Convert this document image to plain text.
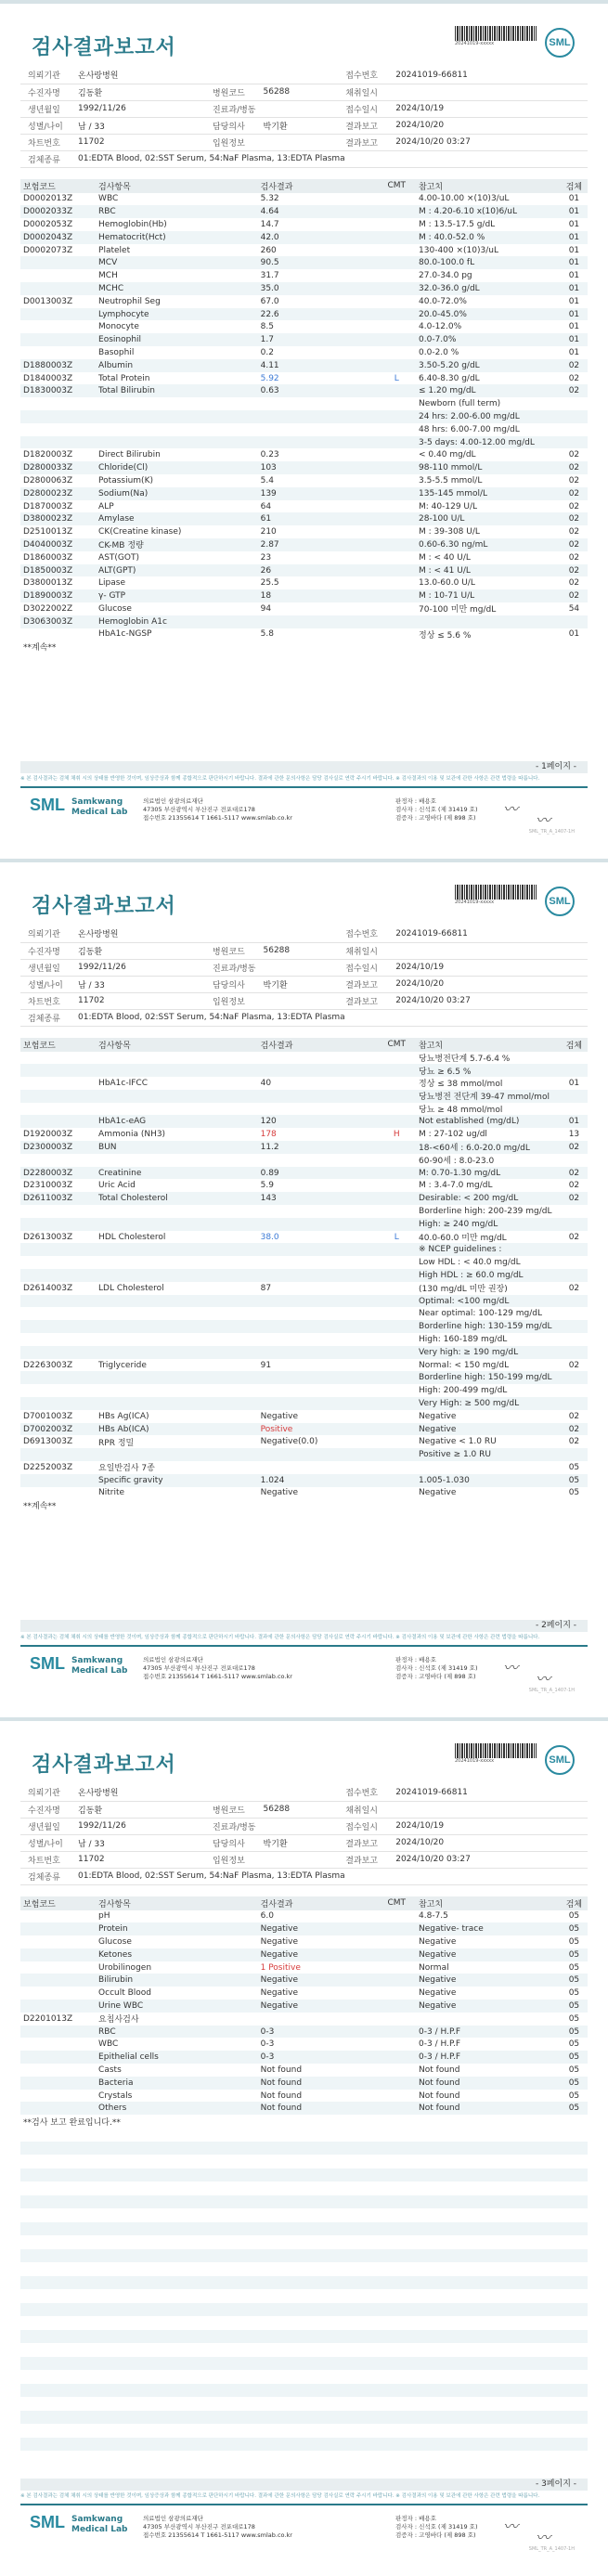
검사결과보고서	20241019-xxxxx	SML
의뢰기관	온사랑병원			접수번호	20241019-66811
수진자명	김동환	병원코드	56288	채취일시	
생년월일	1992/11/26	진료과/병동		접수일시	2024/10/19
성별/나이	남 / 33	담당의사	박기환	결과보고	2024/10/20
차트번호	11702	입원정보		결과보고	2024/10/20 03:27
검체종류	01:EDTA Blood, 02:SST Serum, 54:NaF Plasma, 13:EDTA Plasma				
보험코드	검사항목	검사결과	CMT	참고치	검체
D0002013Z	WBC	5.32		4.00-10.00 ×(10)3/uL	01
D0002033Z	RBC	4.64		M : 4.20-6.10 x(10)6/uL	01
D0002053Z	Hemoglobin(Hb)	14.7		M : 13.5-17.5 g/dL	01
D0002043Z	Hematocrit(Hct)	42.0		M : 40.0-52.0 %	01
D0002073Z	Platelet	260		130-400 ×(10)3/uL	01
	MCV	90.5		80.0-100.0 fL	01
	MCH	31.7		27.0-34.0 pg	01
	MCHC	35.0		32.0-36.0 g/dL	01
D0013003Z	Neutrophil Seg	67.0		40.0-72.0%	01
	Lymphocyte	22.6		20.0-45.0%	01
	Monocyte	8.5		4.0-12.0%	01
	Eosinophil	1.7		0.0-7.0%	01
	Basophil	0.2		0.0-2.0 %	01
D1880003Z	Albumin	4.11		3.50-5.20 g/dL	02
D1840003Z	Total Protein	5.92	L	6.40-8.30 g/dL	02
D1830003Z	Total Bilirubin	0.63		≤ 1.20 mg/dL	02
				Newborn (full term)	
				24 hrs: 2.00-6.00 mg/dL	
				48 hrs: 6.00-7.00 mg/dL	
				3-5 days: 4.00-12.00 mg/dL	
D1820003Z	Direct Bilirubin	0.23		< 0.40 mg/dL	02
D2800033Z	Chloride(Cl)	103		98-110 mmol/L	02
D2800063Z	Potassium(K)	5.4		3.5-5.5 mmol/L	02
D2800023Z	Sodium(Na)	139		135-145 mmol/L	02
D1870003Z	ALP	64		M: 40-129 U/L	02
D3800023Z	Amylase	61		28-100 U/L	02
D2510013Z	CK(Creatine kinase)	210		M : 39-308 U/L	02
D4040003Z	CK-MB 정량	2.87		0.60-6.30 ng/mL	02
D1860003Z	AST(GOT)	23		M : < 40 U/L	02
D1850003Z	ALT(GPT)	26		M : < 41 U/L	02
D3800013Z	Lipase	25.5		13.0-60.0 U/L	02
D1890003Z	γ- GTP	18		M : 10-71 U/L	02
D3022002Z	Glucose	94		70-100 미만 mg/dL	54
D3063003Z	Hemoglobin A1c				
	HbA1c-NGSP	5.8		정상 ≤ 5.6 %	01
**계속**
- 1페이지 -
※ 본 검사결과는 검체 채취 시의 상태를 반영한 것이며, 임상증상과 함께 종합적으로 판단하시기 바랍니다. 결과에 관한 문의사항은 담당 검사실로 연락 주시기 바랍니다. ※ 검사결과의 이용 및 보관에 관한 사항은 관련 법령을 따릅니다.
SML Samkwang
Medical Lab
의료법인 삼광의료재단
47305 부산광역시 부산진구 전포대로178
접수번호 21355614 T 1661-5117 www.smlab.co.kr
판정자 : 배용호
검사자 : 신석호 (제 31419 호)
검증자 : 고영바다 (제 898 호) 〰
〰
SML_TR_A_1407-1H
검사결과보고서	20241019-xxxxx	SML
의뢰기관	온사랑병원			접수번호	20241019-66811
수진자명	김동환	병원코드	56288	채취일시	
생년월일	1992/11/26	진료과/병동		접수일시	2024/10/19
성별/나이	남 / 33	담당의사	박기환	결과보고	2024/10/20
차트번호	11702	입원정보		결과보고	2024/10/20 03:27
검체종류	01:EDTA Blood, 02:SST Serum, 54:NaF Plasma, 13:EDTA Plasma				
보험코드	검사항목	검사결과	CMT	참고치	검체
				당뇨병전단계 5.7-6.4 %	
				당뇨 ≥ 6.5 %	
	HbA1c-IFCC	40		정상 ≤ 38 mmol/mol	01
				당뇨병전 전단계 39-47 mmol/mol	
				당뇨 ≥ 48 mmol/mol	
	HbA1c-eAG	120		Not established (mg/dL)	01
D1920003Z	Ammonia (NH3)	178	H	M : 27-102 ug/dl	13
D2300003Z	BUN	11.2		18-<60세 : 6.0-20.0 mg/dL	02
				60-90세 : 8.0-23.0	
D2280003Z	Creatinine	0.89		M: 0.70-1.30 mg/dL	02
D2310003Z	Uric Acid	5.9		M : 3.4-7.0 mg/dL	02
D2611003Z	Total Cholesterol	143		Desirable: < 200 mg/dL	02
				Borderline high: 200-239 mg/dL	
				High: ≥ 240 mg/dL	
D2613003Z	HDL Cholesterol	38.0	L	40.0-60.0 미만 mg/dL	02
				※ NCEP guidelines :	
				Low HDL : < 40.0 mg/dL	
				High HDL : ≥ 60.0 mg/dL	
D2614003Z	LDL Cholesterol	87		(130 mg/dL 미만 권장)	02
				Optimal: <100 mg/dL	
				Near optimal: 100-129 mg/dL	
				Borderline high: 130-159 mg/dL	
				High: 160-189 mg/dL	
				Very high: ≥ 190 mg/dL	
D2263003Z	Triglyceride	91		Normal: < 150 mg/dL	02
				Borderline high: 150-199 mg/dL	
				High: 200-499 mg/dL	
				Very High: ≥ 500 mg/dL	
D7001003Z	HBs Ag(ICA)	Negative		Negative	02
D7002003Z	HBs Ab(ICA)	Positive		Negative	02
D6913003Z	RPR 정밀	Negative(0.0)		Negative < 1.0 RU	02
				Positive ≥ 1.0 RU	
D2252003Z	요일반검사 7종				05
	Specific gravity	1.024		1.005-1.030	05
	Nitrite	Negative		Negative	05
**계속**
- 2페이지 -
※ 본 검사결과는 검체 채취 시의 상태를 반영한 것이며, 임상증상과 함께 종합적으로 판단하시기 바랍니다. 결과에 관한 문의사항은 담당 검사실로 연락 주시기 바랍니다. ※ 검사결과의 이용 및 보관에 관한 사항은 관련 법령을 따릅니다.
SML Samkwang
Medical Lab
의료법인 삼광의료재단
47305 부산광역시 부산진구 전포대로178
접수번호 21355614 T 1661-5117 www.smlab.co.kr
판정자 : 배용호
검사자 : 신석호 (제 31419 호)
검증자 : 고영바다 (제 898 호) 〰
〰
SML_TR_A_1407-1H
검사결과보고서	20241019-xxxxx	SML
의뢰기관	온사랑병원			접수번호	20241019-66811
수진자명	김동환	병원코드	56288	채취일시	
생년월일	1992/11/26	진료과/병동		접수일시	2024/10/19
성별/나이	남 / 33	담당의사	박기환	결과보고	2024/10/20
차트번호	11702	입원정보		결과보고	2024/10/20 03:27
검체종류	01:EDTA Blood, 02:SST Serum, 54:NaF Plasma, 13:EDTA Plasma				
보험코드	검사항목	검사결과	CMT	참고치	검체
	pH	6.0		4.8-7.5	05
	Protein	Negative		Negative- trace	05
	Glucose	Negative		Negative	05
	Ketones	Negative		Negative	05
	Urobilinogen	1 Positive		Normal	05
	Bilirubin	Negative		Negative	05
	Occult Blood	Negative		Negative	05
	Urine WBC	Negative		Negative	05
D2201013Z	요침사검사				05
	RBC	0-3		0-3 / H.P.F	05
	WBC	0-3		0-3 / H.P.F	05
	Epithelial cells	0-3		0-3 / H.P.F	05
	Casts	Not found		Not found	05
	Bacteria	Not found		Not found	05
	Crystals	Not found		Not found	05
	Others	Not found		Not found	05
**검사 보고 완료입니다.**					

- 3페이지 -
※ 본 검사결과는 검체 채취 시의 상태를 반영한 것이며, 임상증상과 함께 종합적으로 판단하시기 바랍니다. 결과에 관한 문의사항은 담당 검사실로 연락 주시기 바랍니다. ※ 검사결과의 이용 및 보관에 관한 사항은 관련 법령을 따릅니다.
SML Samkwang
Medical Lab
의료법인 삼광의료재단
47305 부산광역시 부산진구 전포대로178
접수번호 21355614 T 1661-5117 www.smlab.co.kr
판정자 : 배용호
검사자 : 신석호 (제 31419 호)
검증자 : 고영바다 (제 898 호) 〰
〰
SML_TR_A_1407-1H
